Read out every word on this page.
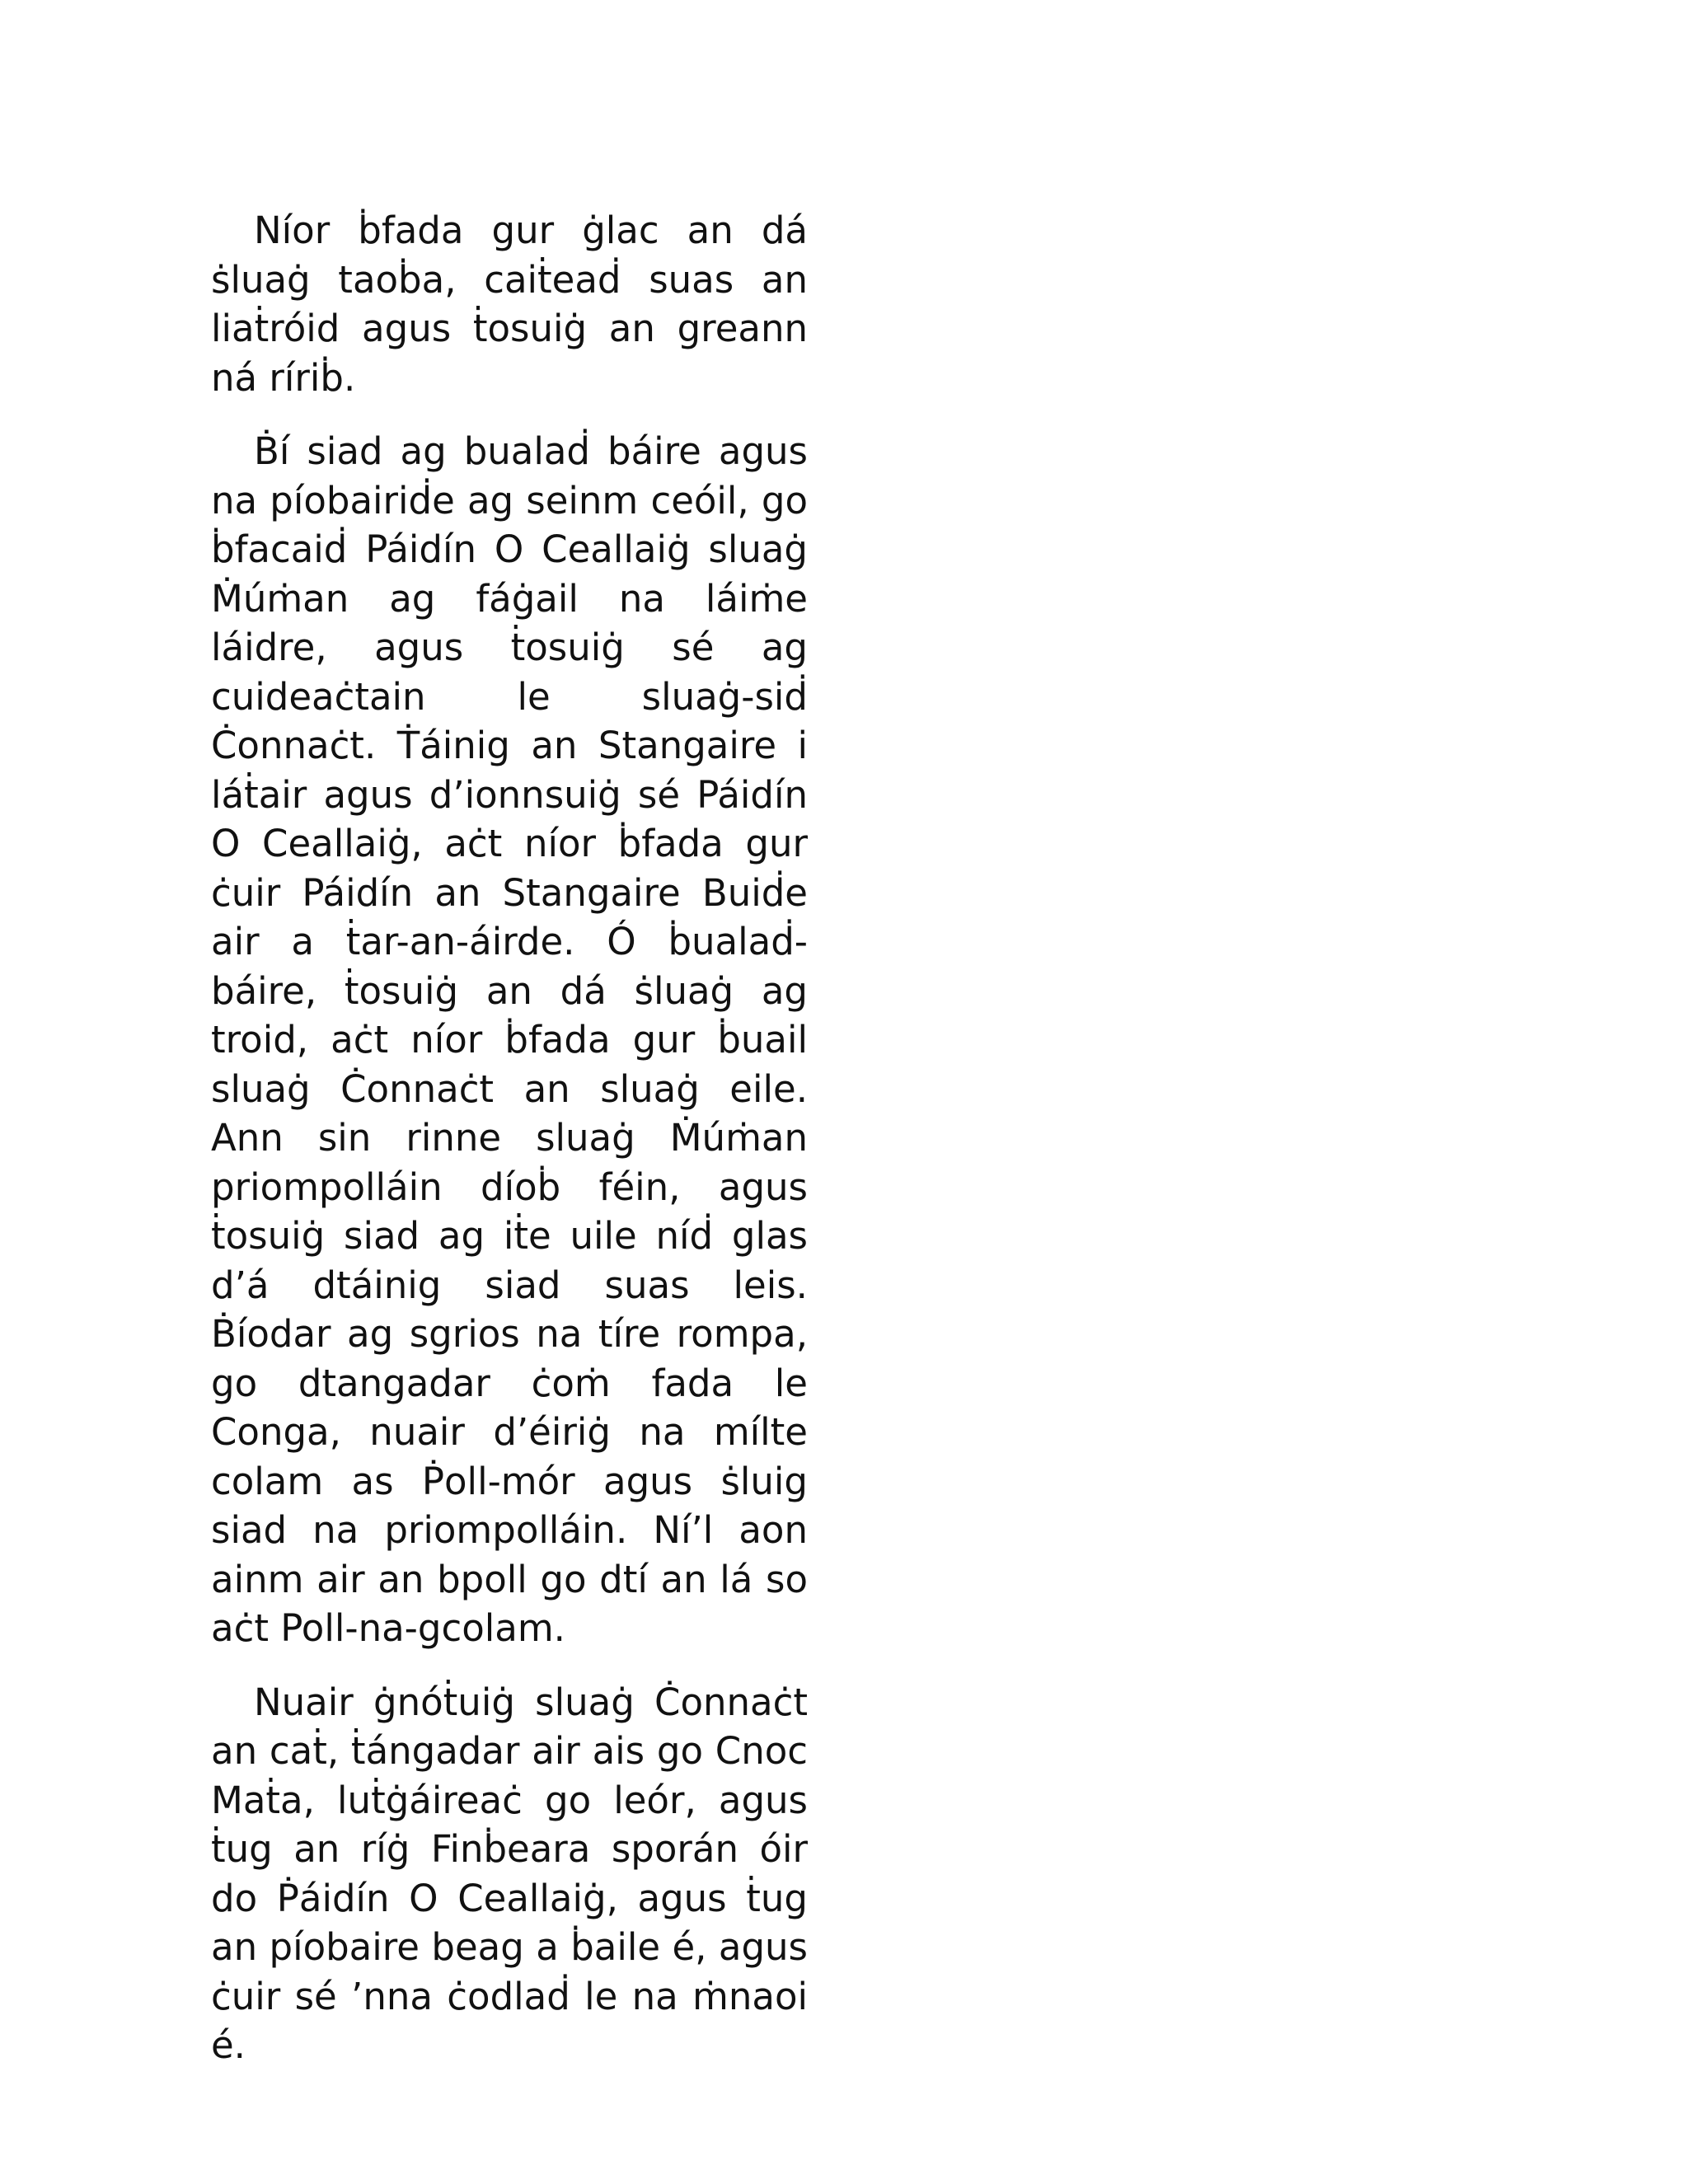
Níor ḃfada gur ġlac an dá ṡluaġ taoḃa, caiṫeaḋ suas an liaṫróid agus ṫosuiġ an greann ná ríriḃ.

Ḃí siad ag bualaḋ báire agus na píobairiḋe ag seinm ceóil, go ḃfacaiḋ Páidín O Ceallaiġ sluaġ Ṁúṁan ag fáġail na láiṁe láidre, agus ṫosuiġ sé ag cuideaċtain le sluaġ-siḋ Ċonnaċt. Ṫáinig an Stangaire i láṫair agus d’ionnsuiġ sé Páidín O Ceallaiġ, aċt níor ḃfada gur ċuir Páidín an Stangaire Buiḋe air a ṫar-an-áirde. Ó ḃualaḋ-báire, ṫosuiġ an dá ṡluaġ ag troid, aċt níor ḃfada gur ḃuail sluaġ Ċonnaċt an sluaġ eile. Ann sin rinne sluaġ Ṁúṁan priompolláin díoḃ féin, agus ṫosuiġ siad ag iṫe uile níḋ glas d’á dtáinig siad suas leis. Ḃíodar ag sgrios na tíre rompa, go dtangadar ċoṁ fada le Conga, nuair d’éiriġ na mílte colam as Ṗoll-mór agus ṡluig siad na priompolláin. Ní’l aon ainm air an bpoll go dtí an lá so aċt Poll-na-gcolam.

Nuair ġnóṫuiġ sluaġ Ċonnaċt an caṫ, ṫángadar air ais go Cnoc Maṫa, luṫġáireaċ go leór, agus ṫug an ríġ Finḃeara sporán óir do Ṗáidín O Ceallaiġ, agus ṫug an píobaire beag a ḃaile é, agus ċuir sé ’nna ċodlaḋ le na ṁnaoi é.
